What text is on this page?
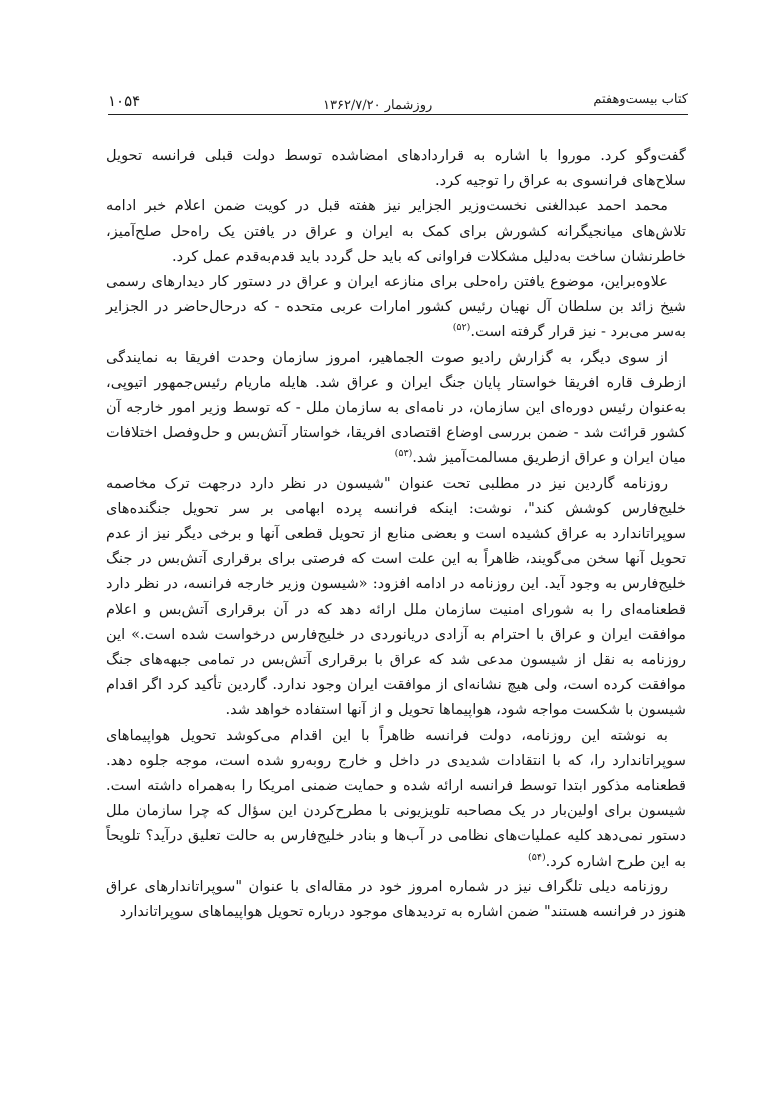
۱۰۵۴	روزشمار ۱۳۶۲/۷/۲۰	کتاب بیست‌وهفتم

گفت‌وگو کرد. موروا با اشاره به قراردادهای امضاشده توسط دولت قبلی فرانسه تحویل سلاح‌های فرانسوی به عراق را توجیه کرد.

محمد احمد عبدالغنی نخست‌وزیر الجزایر نیز هفته قبل در کویت ضمن اعلام خبر ادامه تلاش‌های میانجیگرانه کشورش برای کمک به ایران و عراق در یافتن یک راه‌حل صلح‌آمیز، خاطرنشان ساخت به‌دلیل مشکلات فراوانی که باید حل گردد باید قدم‌به‌قدم عمل کرد.

علاوه‌براین، موضوع یافتن راه‌حلی برای منازعه ایران و عراق در دستور کار دیدارهای رسمی شیخ زائد بن سلطان آل نهیان رئیس کشور امارات عربی متحده - که درحال‌حاضر در الجزایر به‌سر می‌برد - نیز قرار گرفته است.$^{(۵۲)}$

از سوی دیگر، به گزارش رادیو صوت الجماهیر، امروز سازمان وحدت افریقا به نمایندگی ازطرف قاره افریقا خواستار پایان جنگ ایران و عراق شد. هایله ماریام رئیس‌جمهور اتیوپی، به‌عنوان رئیس دوره‌ای این سازمان، در نامه‌ای به سازمان ملل - که توسط وزیر امور خارجه آن کشور قرائت شد - ضمن بررسی اوضاع اقتصادی افریقا، خواستار آتش‌بس و حل‌وفصل اختلافات میان ایران و عراق ازطریق مسالمت‌آمیز شد.$^{(۵۳)}$

روزنامه گاردین نیز در مطلبی تحت عنوان "شیسون در نظر دارد درجهت ترک مخاصمه خلیج‌فارس کوشش کند"، نوشت: اینکه فرانسه پرده ابهامی بر سر تحویل جنگنده‌های سوپراتاندارد به عراق کشیده است و بعضی منابع از تحویل قطعی آنها و برخی دیگر نیز از عدم تحویل آنها سخن می‌گویند، ظاهراً به این علت است که فرصتی برای برقراری آتش‌بس در جنگ خلیج‌فارس به وجود آید. این روزنامه در ادامه افزود: «شیسون وزیر خارجه فرانسه، در نظر دارد قطعنامه‌ای را به شورای امنیت سازمان ملل ارائه دهد که در آن برقراری آتش‌بس و اعلام موافقت ایران و عراق با احترام به آزادی دریانوردی در خلیج‌فارس درخواست شده است.» این روزنامه به نقل از شیسون مدعی شد که عراق با برقراری آتش‌بس در تمامی جبهه‌های جنگ موافقت کرده است، ولی هیچ نشانه‌ای از موافقت ایران وجود ندارد. گاردین تأکید کرد اگر اقدام شیسون با شکست مواجه شود، هواپیماها تحویل و از آنها استفاده خواهد شد.

به نوشته این روزنامه، دولت فرانسه ظاهراً با این اقدام می‌کوشد تحویل هواپیماهای سوپراتاندارد را، که با انتقادات شدیدی در داخل و خارج روبه‌رو شده است، موجه جلوه دهد. قطعنامه مذکور ابتدا توسط فرانسه ارائه شده و حمایت ضمنی امریکا را به‌همراه داشته است. شیسون برای اولین‌بار در یک مصاحبه تلویزیونی با مطرح‌کردن این سؤال که چرا سازمان ملل دستور نمی‌دهد کلیه عملیات‌های نظامی در آب‌ها و بنادر خلیج‌فارس به حالت تعلیق درآید؟ تلویحاً به این طرح اشاره کرد.$^{(۵۴)}$

روزنامه دیلی تلگراف نیز در شماره امروز خود در مقاله‌ای با عنوان "سوپراتاندارهای عراق هنوز در فرانسه هستند" ضمن اشاره به تردیدهای موجود درباره تحویل هواپیماهای سوپراتاندارد
